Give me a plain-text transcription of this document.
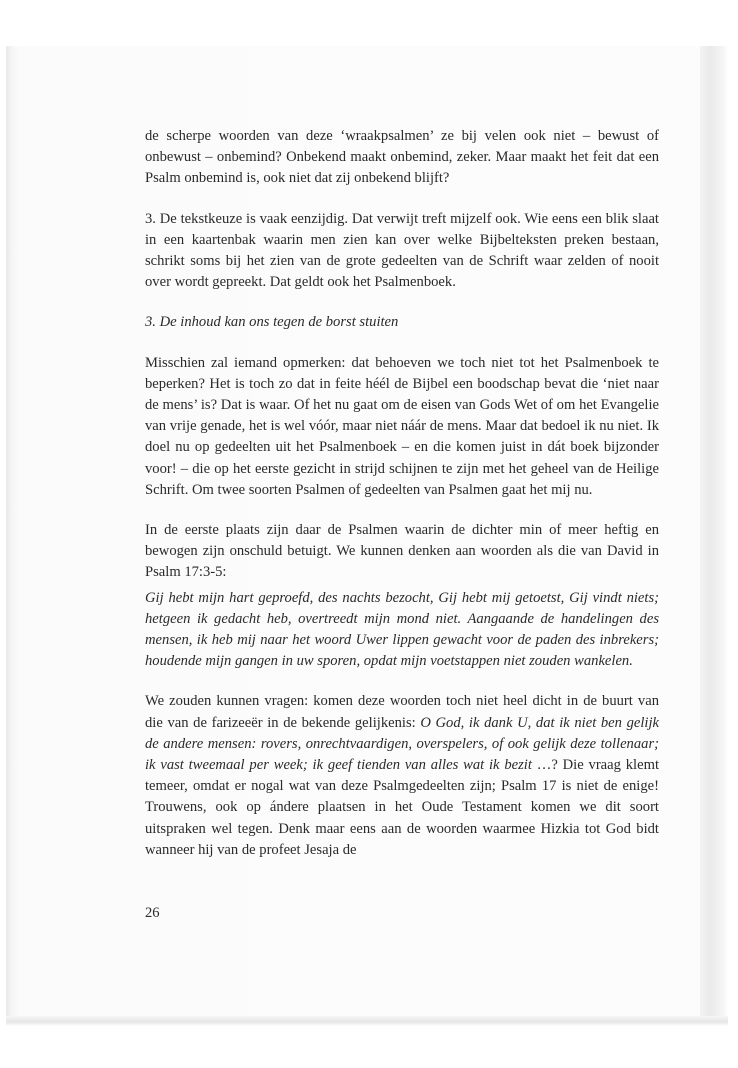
de scherpe woorden van deze ‘wraakpsalmen’ ze bij velen ook niet – bewust of onbewust – onbemind? Onbekend maakt onbemind, zeker. Maar maakt het feit dat een Psalm onbemind is, ook niet dat zij onbekend blijft?

3. De tekstkeuze is vaak eenzijdig. Dat verwijt treft mijzelf ook. Wie eens een blik slaat in een kaartenbak waarin men zien kan over welke Bijbelteksten preken bestaan, schrikt soms bij het zien van de grote gedeelten van de Schrift waar zelden of nooit over wordt gepreekt. Dat geldt ook het Psalmenboek.

3. De inhoud kan ons tegen de borst stuiten

Misschien zal iemand opmerken: dat behoeven we toch niet tot het Psalmenboek te beperken? Het is toch zo dat in feite héél de Bijbel een boodschap bevat die ‘niet naar de mens’ is? Dat is waar. Of het nu gaat om de eisen van Gods Wet of om het Evangelie van vrije genade, het is wel vóór, maar niet náár de mens. Maar dat bedoel ik nu niet. Ik doel nu op gedeelten uit het Psalmenboek – en die komen juist in dát boek bijzonder voor! – die op het eerste gezicht in strijd schijnen te zijn met het geheel van de Heilige Schrift. Om twee soorten Psalmen of gedeelten van Psalmen gaat het mij nu.

In de eerste plaats zijn daar de Psalmen waarin de dichter min of meer heftig en bewogen zijn onschuld betuigt. We kunnen denken aan woorden als die van David in Psalm 17:3-5:

Gij hebt mijn hart geproefd, des nachts bezocht, Gij hebt mij getoetst, Gij vindt niets; hetgeen ik gedacht heb, overtreedt mijn mond niet. Aangaande de handelingen des mensen, ik heb mij naar het woord Uwer lippen gewacht voor de paden des inbrekers; houdende mijn gangen in uw sporen, opdat mijn voetstappen niet zouden wankelen.

We zouden kunnen vragen: komen deze woorden toch niet heel dicht in de buurt van die van de farizeeër in de bekende gelijkenis: O God, ik dank U, dat ik niet ben gelijk de andere mensen: rovers, onrechtvaardigen, overspelers, of ook gelijk deze tollenaar; ik vast tweemaal per week; ik geef tienden van alles wat ik bezit …? Die vraag klemt temeer, omdat er nogal wat van deze Psalmgedeelten zijn; Psalm 17 is niet de enige! Trouwens, ook op ándere plaatsen in het Oude Testament komen we dit soort uitspraken wel tegen. Denk maar eens aan de woorden waarmee Hizkia tot God bidt wanneer hij van de profeet Jesaja de

26
